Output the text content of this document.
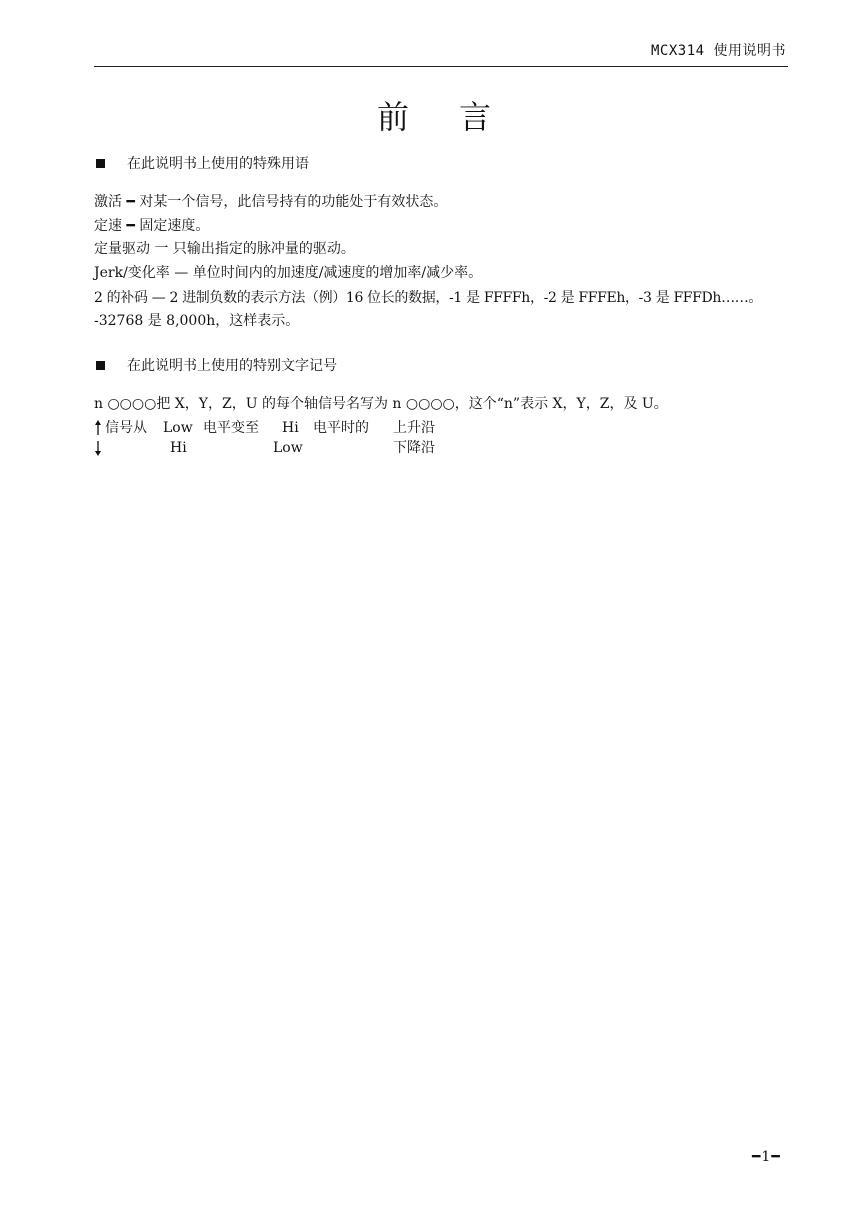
MCX314 使用说明书
前言
在此说明书上使用的特殊用语
激活 ━ 对某一个信号，此信号持有的功能处于有效状态。
定速 ━ 固定速度。
定量驱动 一 只输出指定的脉冲量的驱动。
Jerk/变化率 — 单位时间内的加速度/减速度的增加率/减少率。
2 的补码 — 2 进制负数的表示方法（例）16 位长的数据，-1 是 FFFFh，-2 是 FFFEh，-3 是 FFFDh……。
-32768 是 8,000h，这样表示。
在此说明书上使用的特别文字记号
n ○○○○把 X，Y，Z，U 的每个轴信号名写为 n ○○○○，这个“n”表示 X，Y，Z，及 U。
信号从 Low 电平变至 Hi 电平时的 上升沿
Hi	Low	下降沿
━1━
